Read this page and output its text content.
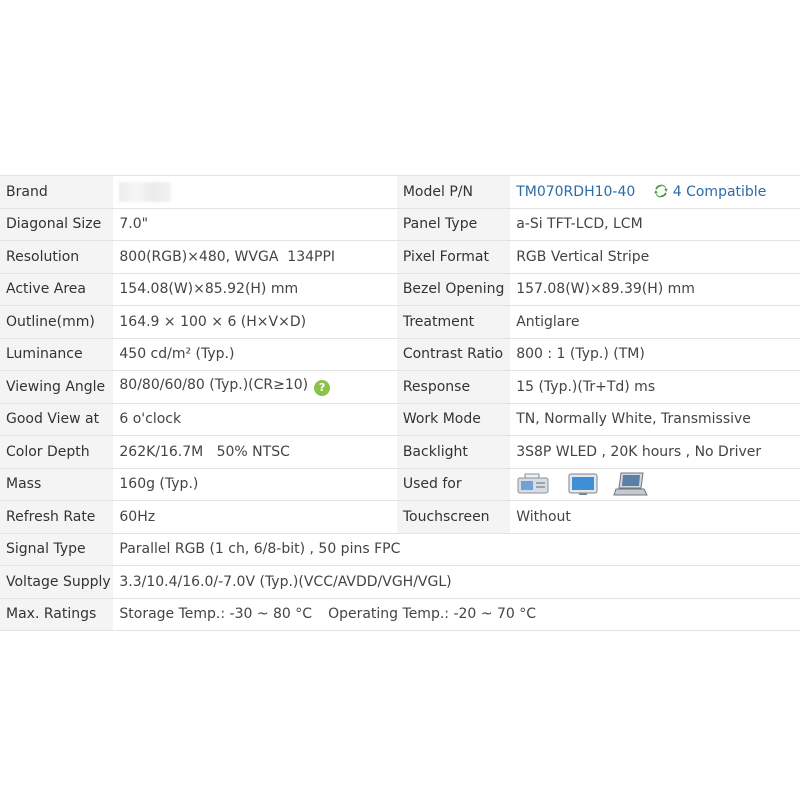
Brand		Model P/N	TM070RDH10-40 4 Compatible
Diagonal Size	7.0"	Panel Type	a-Si TFT-LCD, LCM
Resolution	800(RGB)×480, WVGA  134PPI	Pixel Format	RGB Vertical Stripe
Active Area	154.08(W)×85.92(H) mm	Bezel Opening	157.08(W)×89.39(H) mm
Outline(mm)	164.9 × 100 × 6 (H×V×D)	Treatment	Antiglare
Luminance	450 cd/m² (Typ.)	Contrast Ratio	800 : 1 (Typ.) (TM)
Viewing Angle	80/80/60/80 (Typ.)(CR≥10) ?	Response	15 (Typ.)(Tr+Td) ms
Good View at	6 o'clock	Work Mode	TN, Normally White, Transmissive
Color Depth	262K/16.7M   50% NTSC	Backlight	3S8P WLED , 20K hours , No Driver
Mass	160g (Typ.)	Used for	
Refresh Rate	60Hz	Touchscreen	Without
Signal Type	Parallel RGB (1 ch, 6/8-bit) , 50 pins FPC		
Voltage Supply	3.3/10.4/16.0/-7.0V (Typ.)(VCC/AVDD/VGH/VGL)		
Max. Ratings	Storage Temp.: -30 ~ 80 °C Operating Temp.: -20 ~ 70 °C		
